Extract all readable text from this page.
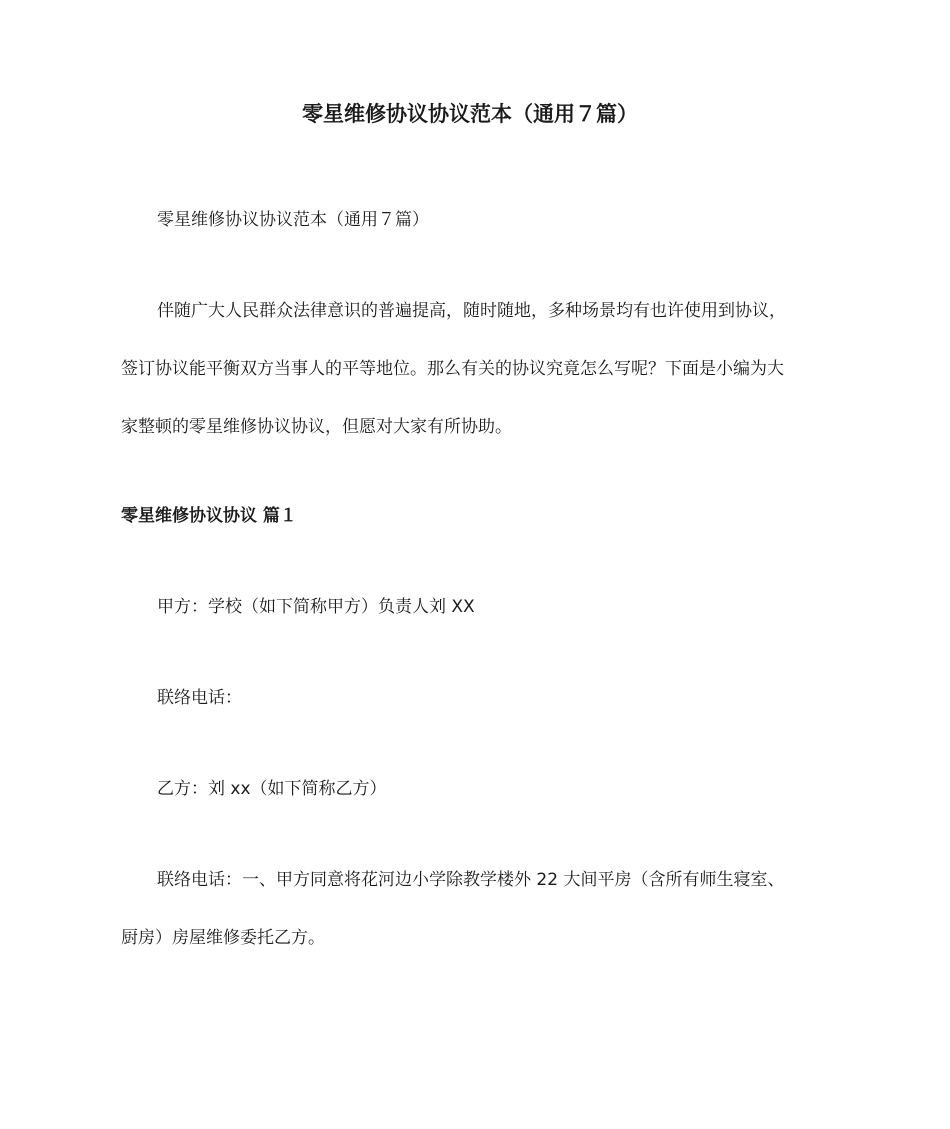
零星维修协议协议范本（通用７篇）

零星维修协议协议范本（通用７篇）

伴随广大人民群众法律意识的普遍提高，随时随地，多种场景均有也许使用到协议，

签订协议能平衡双方当事人的平等地位。那么有关的协议究竟怎么写呢？下面是小编为大

家整顿的零星维修协议协议，但愿对大家有所协助。

零星维修协议协议 篇１

甲方：学校（如下简称甲方）负责人刘 XX

联络电话：

乙方：刘 xx（如下简称乙方）

联络电话：一、甲方同意将花河边小学除教学楼外 22 大间平房（含所有师生寝室、

厨房）房屋维修委托乙方。
